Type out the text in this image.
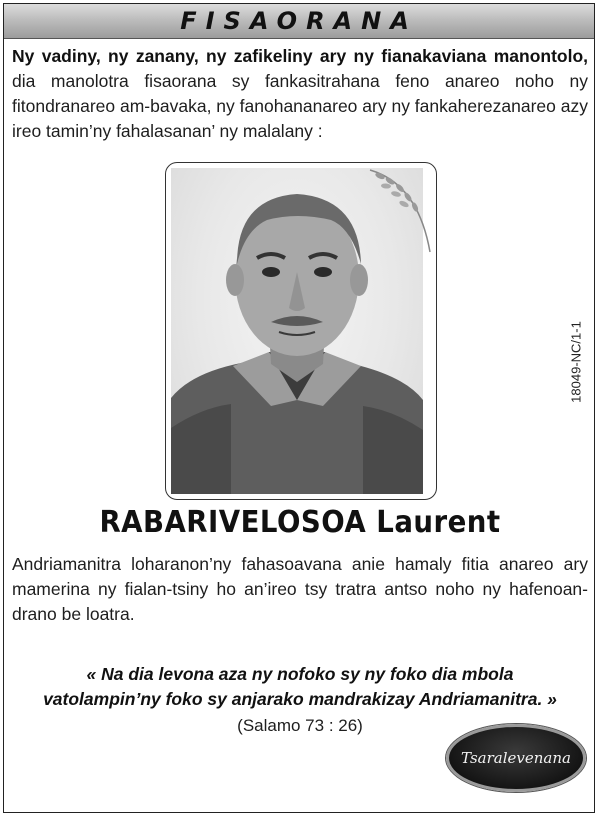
FISAORANA

Ny vadiny, ny zanany, ny zafikeliny ary ny fianakaviana manontolo, dia manolotra fisaorana sy fankasitrahana feno anareo noho ny fitondranareo am-bavaka, ny fanohananareo ary ny fankaherezanareo azy ireo tamin’ny fahalasanan’ ny malalany :

18049-NC/1-1
RABARIVELOSOA Laurent

Andriamanitra loharanon’ny fahasoavana anie hamaly fitia anareo ary mamerina ny fialan-tsiny ho an’ireo tsy tratra antso noho ny hafenoan-drano be loatra.

« Na dia levona aza ny nofoko sy ny foko dia mbola
vatolampin’ny foko sy anjarako mandrakizay Andriamanitra. »
(Salamo 73 : 26)
Tsaralevenana
